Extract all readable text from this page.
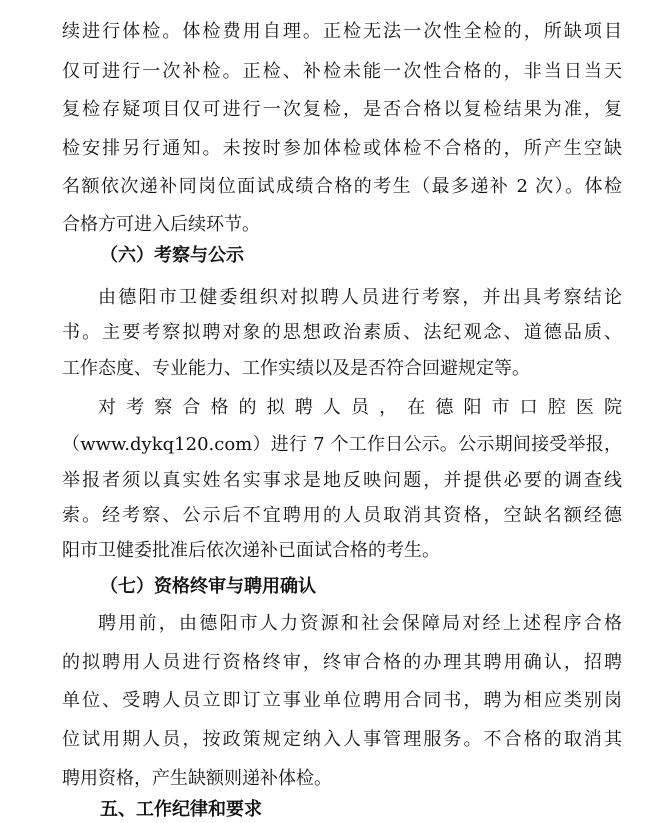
续进行体检。体检费用自理。正检无法一次性全检的，所缺项目
仅可进行一次补检。正检、补检未能一次性合格的，非当日当天
复检存疑项目仅可进行一次复检，是否合格以复检结果为准，复
检安排另行通知。未按时参加体检或体检不合格的，所产生空缺
名额依次递补同岗位面试成绩合格的考生（最多递补 2 次）。体检
合格方可进入后续环节。
（六）考察与公示
由德阳市卫健委组织对拟聘人员进行考察，并出具考察结论
书。主要考察拟聘对象的思想政治素质、法纪观念、道德品质、
工作态度、专业能力、工作实绩以及是否符合回避规定等。
对考察合格的拟聘人员，在德阳市口腔医院
（www.dykq120.com）进行 7 个工作日公示。公示期间接受举报，
举报者须以真实姓名实事求是地反映问题，并提供必要的调查线
索。经考察、公示后不宜聘用的人员取消其资格，空缺名额经德
阳市卫健委批准后依次递补已面试合格的考生。
（七）资格终审与聘用确认
聘用前，由德阳市人力资源和社会保障局对经上述程序合格
的拟聘用人员进行资格终审，终审合格的办理其聘用确认，招聘
单位、受聘人员立即订立事业单位聘用合同书，聘为相应类别岗
位试用期人员，按政策规定纳入人事管理服务。不合格的取消其
聘用资格，产生缺额则递补体检。
五、工作纪律和要求
